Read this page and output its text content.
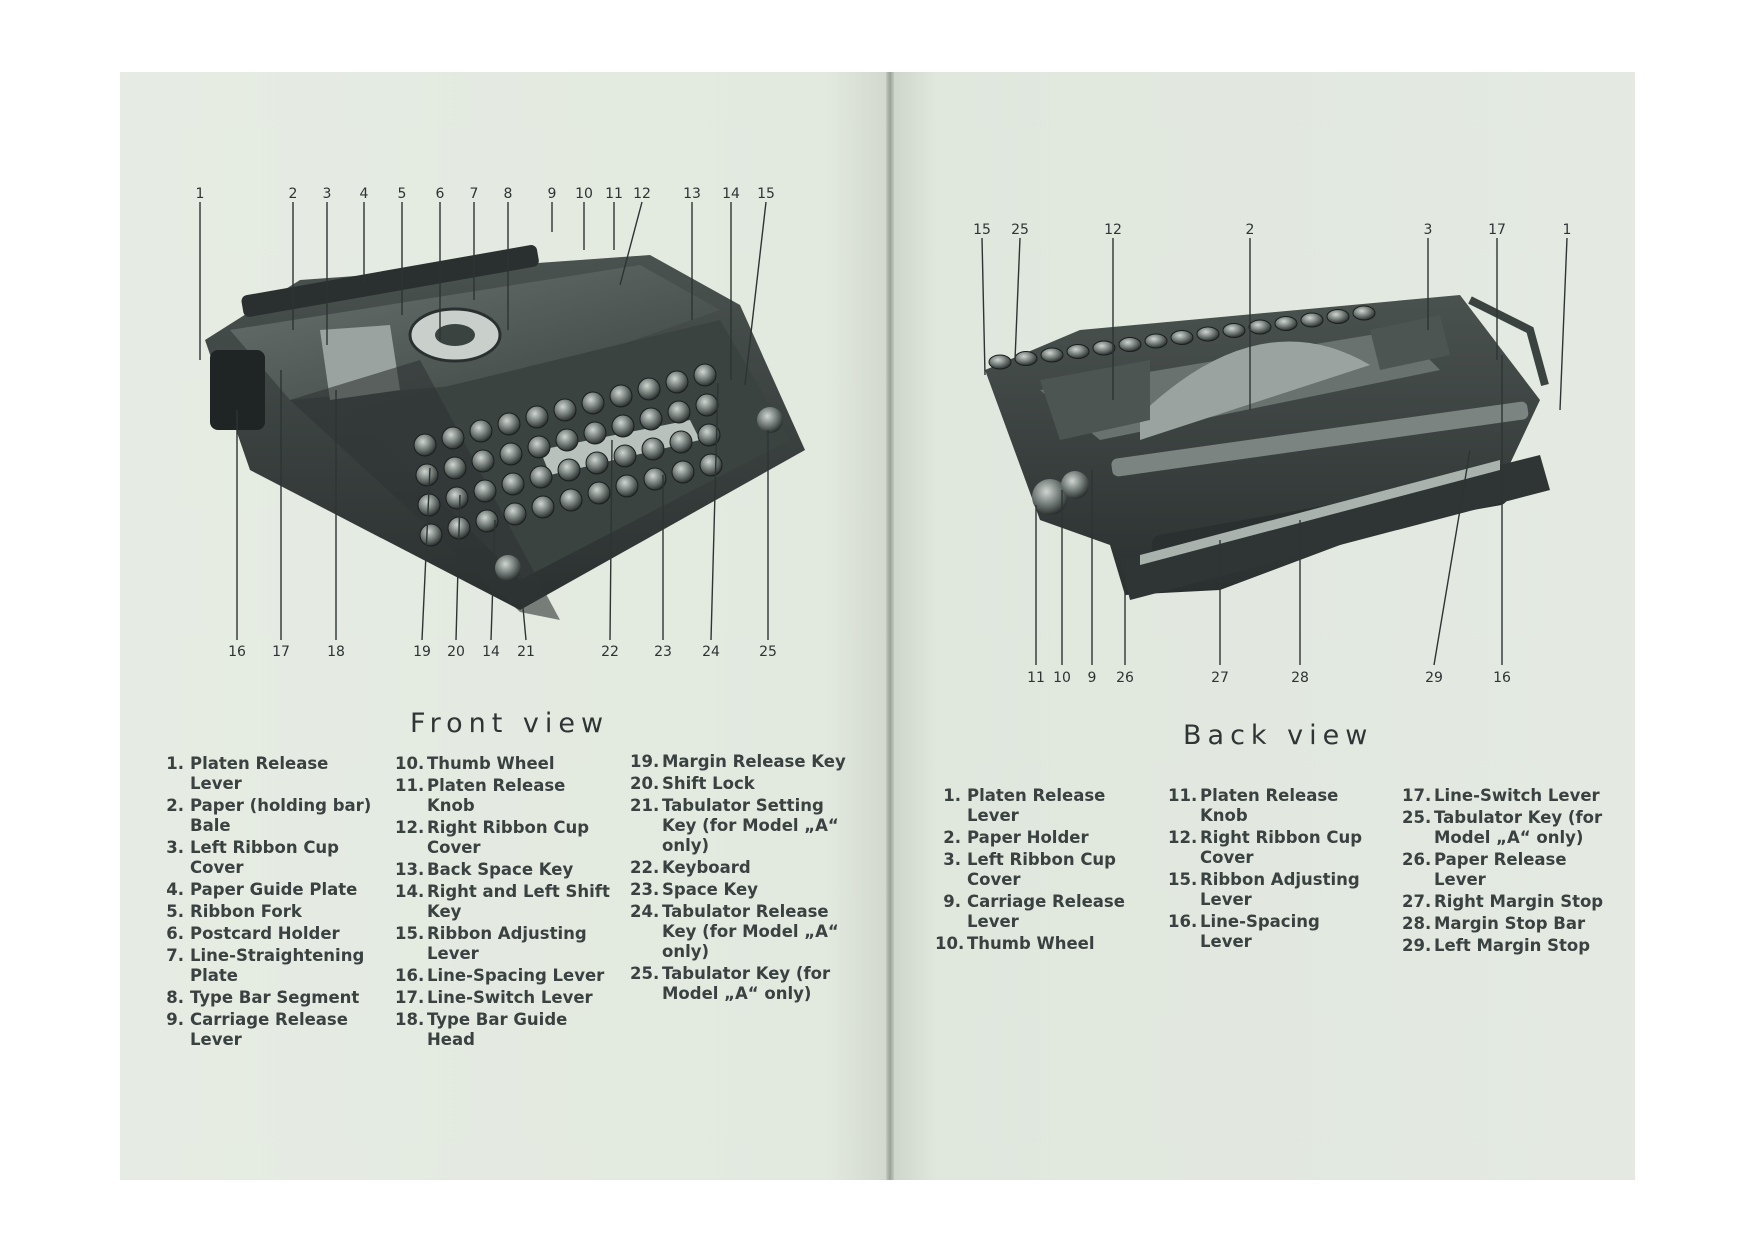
1	2 3 4 5 6 7 8	9 10 11 12 13 14 15
16 17	18	19 20 14 21	22	23 24	25
15 25	12	2	3	17	1
11 10 9 26	27	28	29	16
Front view	Back view
1. Platen Release Lever
2. Paper (holding bar) Bale
3. Left Ribbon Cup Cover
4. Paper Guide Plate
5. Ribbon Fork
6. Postcard Holder
7. Line-Straightening Plate
8. Type Bar Segment
9. Carriage Release Lever
10. Thumb Wheel
11. Platen Release Knob
12. Right Ribbon Cup Cover
13. Back Space Key
14. Right and Left Shift Key
15. Ribbon Adjusting Lever
16. Line-Spacing Lever
17. Line-Switch Lever
18. Type Bar Guide Head
19. Margin Release Key
20. Shift Lock
21. Tabulator Setting Key (for Model „A“ only)
22. Keyboard
23. Space Key
24. Tabulator Release Key (for Model „A“ only)
25. Tabulator Key (for Model „A“ only)
1. Platen Release Lever
2. Paper Holder
3. Left Ribbon Cup Cover
9. Carriage Release Lever
10. Thumb Wheel
11. Platen Release Knob
12. Right Ribbon Cup Cover
15. Ribbon Adjusting Lever
16. Line-Spacing Lever
17. Line-Switch Lever
25. Tabulator Key (for Model „A“ only)
26. Paper Release Lever
27. Right Margin Stop
28. Margin Stop Bar
29. Left Margin Stop
